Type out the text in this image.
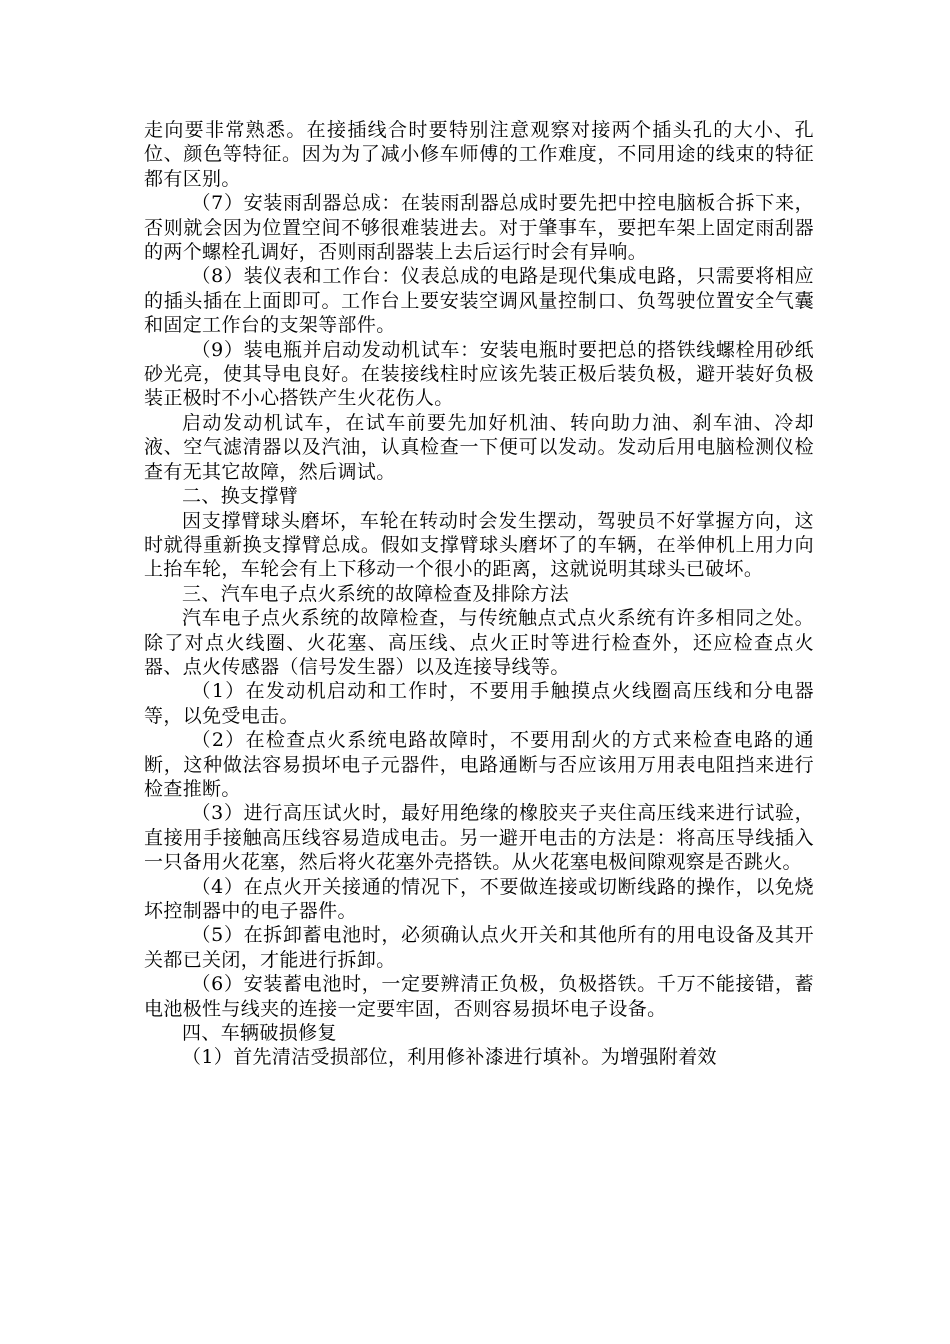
走向要非常熟悉。在接插线合时要特别注意观察对接两个插头孔的大小、孔位、颜色等特征。因为为了减小修车师傅的工作难度，不同用途的线束的特征都有区别。

（7）安装雨刮器总成：在装雨刮器总成时要先把中控电脑板合拆下来，否则就会因为位置空间不够很难装进去。对于肇事车，要把车架上固定雨刮器的两个螺栓孔调好，否则雨刮器装上去后运行时会有异响。

（8）装仪表和工作台：仪表总成的电路是现代集成电路，只需要将相应的插头插在上面即可。工作台上要安装空调风量控制口、负驾驶位置安全气囊和固定工作台的支架等部件。

（9）装电瓶并启动发动机试车：安装电瓶时要把总的搭铁线螺栓用砂纸砂光亮，使其导电良好。在装接线柱时应该先装正极后装负极，避开装好负极装正极时不小心搭铁产生火花伤人。

启动发动机试车，在试车前要先加好机油、转向助力油、刹车油、冷却液、空气滤清器以及汽油，认真检查一下便可以发动。发动后用电脑检测仪检查有无其它故障，然后调试。

二、换支撑臂

因支撑臂球头磨坏，车轮在转动时会发生摆动，驾驶员不好掌握方向，这时就得重新换支撑臂总成。假如支撑臂球头磨坏了的车辆，在举伸机上用力向上抬车轮，车轮会有上下移动一个很小的距离，这就说明其球头已破坏。

三、汽车电子点火系统的故障检查及排除方法

汽车电子点火系统的故障检查，与传统触点式点火系统有许多相同之处。除了对点火线圈、火花塞、高压线、点火正时等进行检查外，还应检查点火器、点火传感器（信号发生器）以及连接导线等。

（1）在发动机启动和工作时，不要用手触摸点火线圈高压线和分电器等，以免受电击。

（2）在检查点火系统电路故障时，不要用刮火的方式来检查电路的通断，这种做法容易损坏电子元器件，电路通断与否应该用万用表电阻挡来进行检查推断。

（3）进行高压试火时，最好用绝缘的橡胶夹子夹住高压线来进行试验，直接用手接触高压线容易造成电击。另一避开电击的方法是：将高压导线插入一只备用火花塞，然后将火花塞外壳搭铁。从火花塞电极间隙观察是否跳火。

（4）在点火开关接通的情况下，不要做连接或切断线路的操作，以免烧坏控制器中的电子器件。

（5）在拆卸蓄电池时，必须确认点火开关和其他所有的用电设备及其开关都已关闭，才能进行拆卸。

（6）安装蓄电池时，一定要辨清正负极，负极搭铁。千万不能接错，蓄电池极性与线夹的连接一定要牢固，否则容易损坏电子设备。

四、车辆破损修复

（1）首先清洁受损部位，利用修补漆进行填补。为增强附着效
